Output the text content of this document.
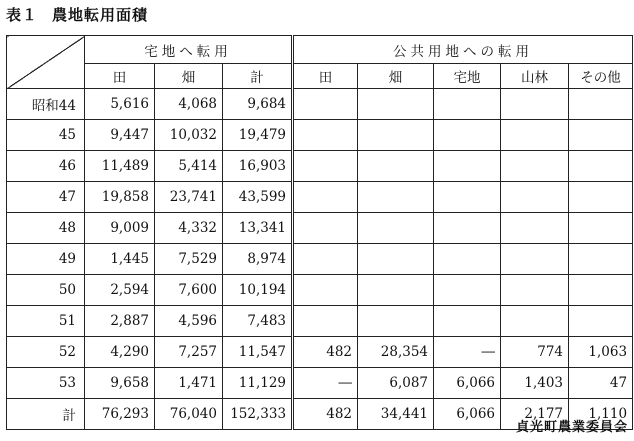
表１ 農地転用面積
	宅地へ転用			公共用地への転用				
	田	畑	計	田	畑	宅地	山林	その他
昭和44	5,616	4,068	9,684					
45	9,447	10,032	19,479					
46	11,489	5,414	16,903					
47	19,858	23,741	43,599					
48	9,009	4,332	13,341					
49	1,445	7,529	8,974					
50	2,594	7,600	10,194					
51	2,887	4,596	7,483					
52	4,290	7,257	11,547	482	28,354	―	774	1,063
53	9,658	1,471	11,129	―	6,087	6,066	1,403	47
計	76,293	76,040	152,333	482	34,441	6,066	2,177	1,110
貞光町農業委員会
